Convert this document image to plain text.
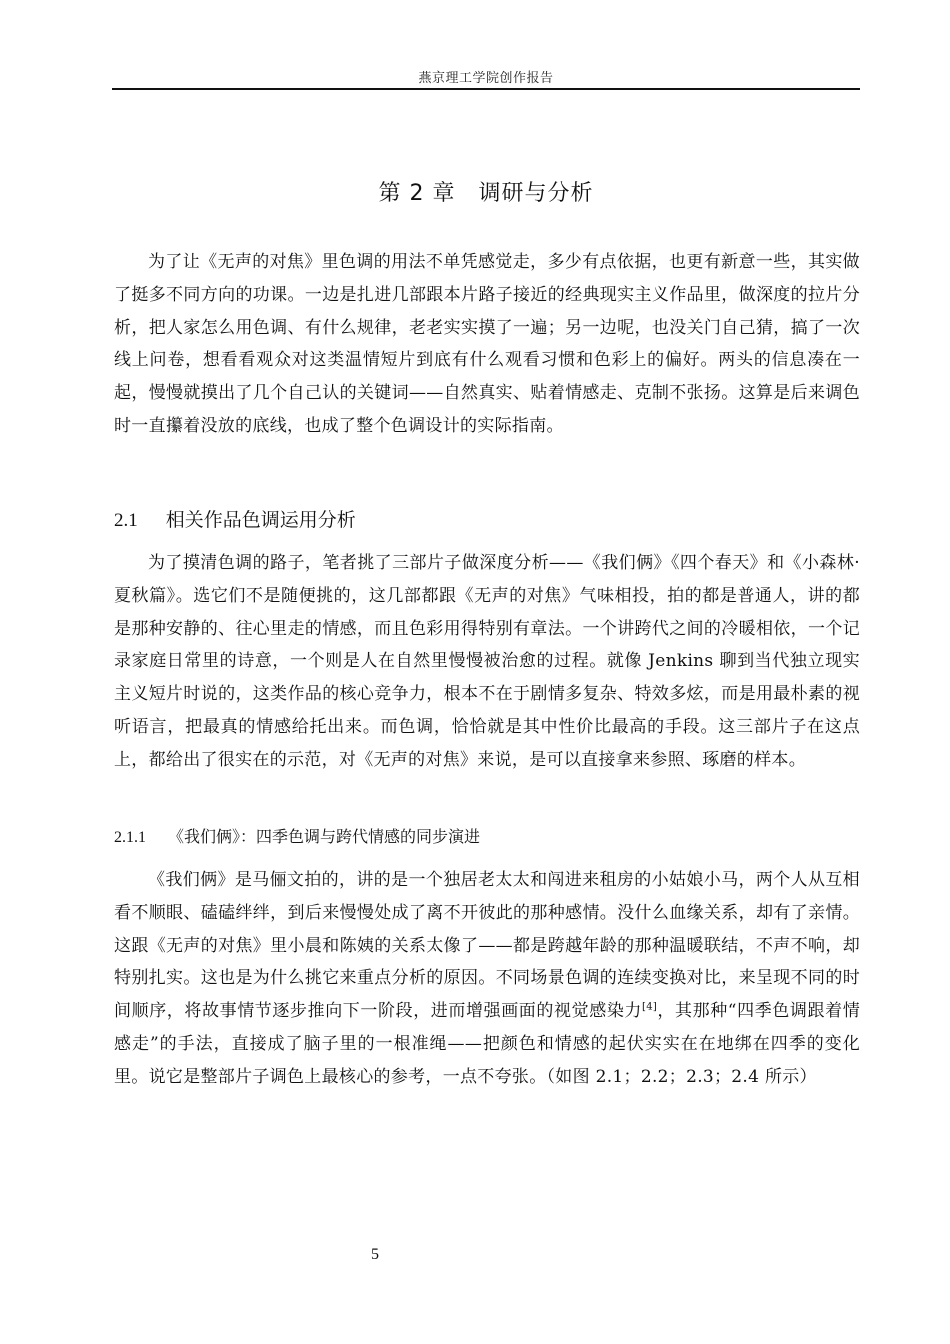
燕京理工学院创作报告
第 2 章　 调研与分析

为了让《无声的对焦》里色调的用法不单凭感觉走，多少有点依据，也更有新意一些，其实做了挺多不同方向的功课。一边是扎进几部跟本片路子接近的经典现实主义作品里，做深度的拉片分析，把人家怎么用色调、有什么规律，老老实实摸了一遍；另一边呢，也没关门自己猜，搞了一次线上问卷，想看看观众对这类温情短片到底有什么观看习惯和色彩上的偏好。两头的信息凑在一起，慢慢就摸出了几个自己认的关键词——自然真实、贴着情感走、克制不张扬。这算是后来调色时一直攥着没放的底线，也成了整个色调设计的实际指南。

2.1 相关作品色调运用分析

为了摸清色调的路子，笔者挑了三部片子做深度分析——《我们俩》《四个春天》和《小森林·夏秋篇》。选它们不是随便挑的，这几部都跟《无声的对焦》气味相投，拍的都是普通人，讲的都是那种安静的、往心里走的情感，而且色彩用得特别有章法。一个讲跨代之间的冷暖相依，一个记录家庭日常里的诗意，一个则是人在自然里慢慢被治愈的过程。就像 Jenkins 聊到当代独立现实主义短片时说的，这类作品的核心竞争力，根本不在于剧情多复杂、特效多炫，而是用最朴素的视听语言，把最真的情感给托出来。而色调，恰恰就是其中性价比最高的手段。这三部片子在这点上，都给出了很实在的示范，对《无声的对焦》来说，是可以直接拿来参照、琢磨的样本。

2.1.1 《我们俩》：四季色调与跨代情感的同步演进

《我们俩》是马俪文拍的，讲的是一个独居老太太和闯进来租房的小姑娘小马，两个人从互相看不顺眼、磕磕绊绊，到后来慢慢处成了离不开彼此的那种感情。没什么血缘关系，却有了亲情。这跟《无声的对焦》里小晨和陈姨的关系太像了——都是跨越年龄的那种温暖联结，不声不响，却特别扎实。这也是为什么挑它来重点分析的原因。不同场景色调的连续变换对比，来呈现不同的时间顺序，将故事情节逐步推向下一阶段，进而增强画面的视觉感染力[4]，其那种“四季色调跟着情感走”的手法，直接成了脑子里的一根准绳——把颜色和情感的起伏实实在在地绑在四季的变化里。说它是整部片子调色上最核心的参考，一点不夸张。（如图 2.1；2.2；2.3；2.4 所示）

5
